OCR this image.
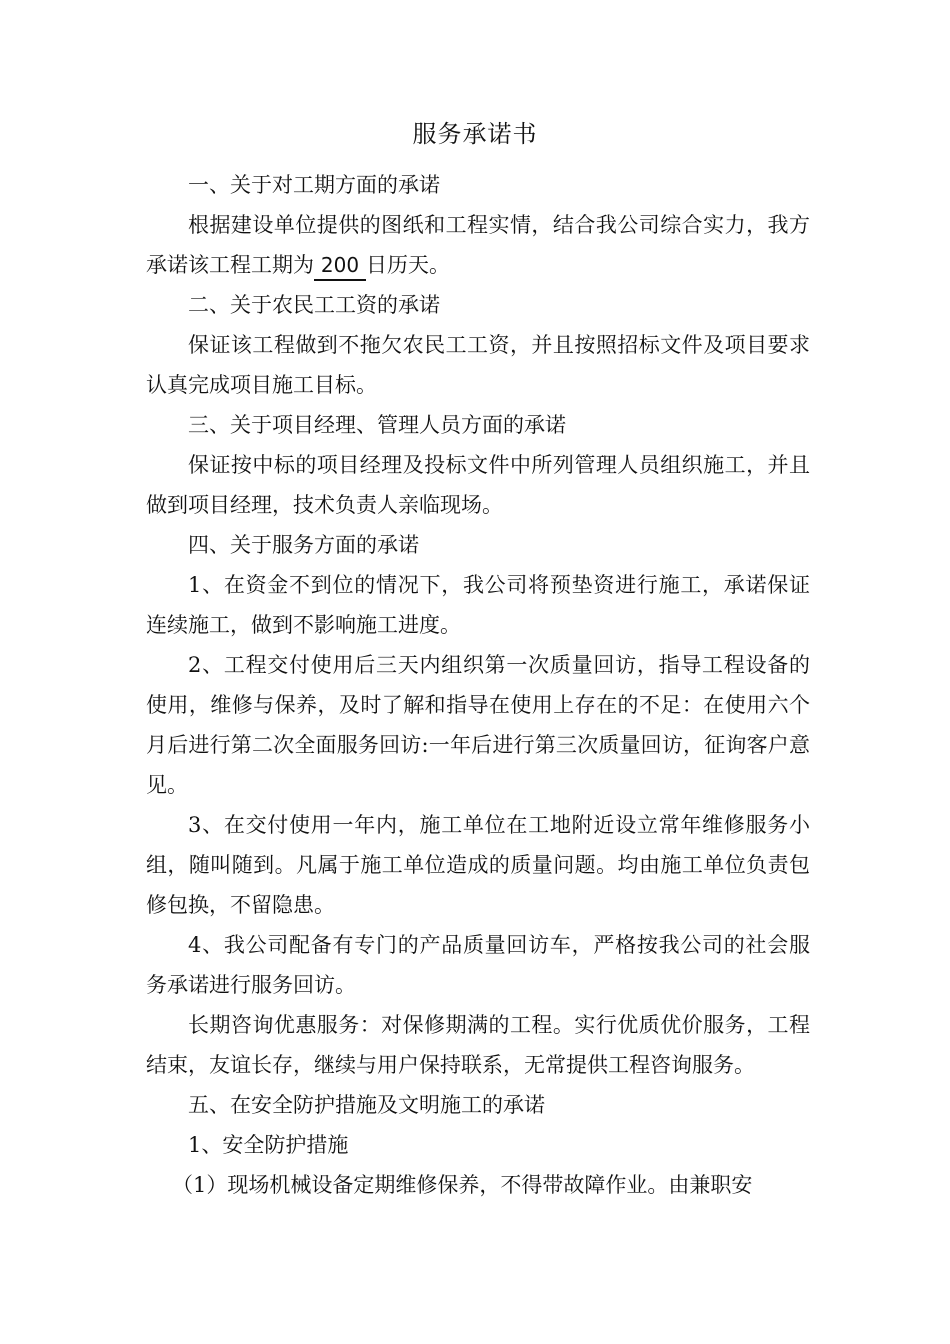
服务承诺书

一、关于对工期方面的承诺

根据建设单位提供的图纸和工程实情，结合我公司综合实力，我方承诺该工程工期为 200 日历天。

二、关于农民工工资的承诺

保证该工程做到不拖欠农民工工资，并且按照招标文件及项目要求认真完成项目施工目标。

三、关于项目经理、管理人员方面的承诺

保证按中标的项目经理及投标文件中所列管理人员组织施工，并且做到项目经理，技术负责人亲临现场。

四、关于服务方面的承诺

1、在资金不到位的情况下，我公司将预垫资进行施工，承诺保证连续施工，做到不影响施工进度。

2、工程交付使用后三天内组织第一次质量回访，指导工程设备的使用，维修与保养，及时了解和指导在使用上存在的不足：在使用六个月后进行第二次全面服务回访:一年后进行第三次质量回访，征询客户意见。

3、在交付使用一年内，施工单位在工地附近设立常年维修服务小组，随叫随到。凡属于施工单位造成的质量问题。均由施工单位负责包修包换，不留隐患。

4、我公司配备有专门的产品质量回访车，严格按我公司的社会服务承诺进行服务回访。

长期咨询优惠服务：对保修期满的工程。实行优质优价服务，工程结束，友谊长存，继续与用户保持联系，无常提供工程咨询服务。

五、在安全防护措施及文明施工的承诺

1、安全防护措施

（1）现场机械设备定期维修保养，不得带故障作业。由兼职安
